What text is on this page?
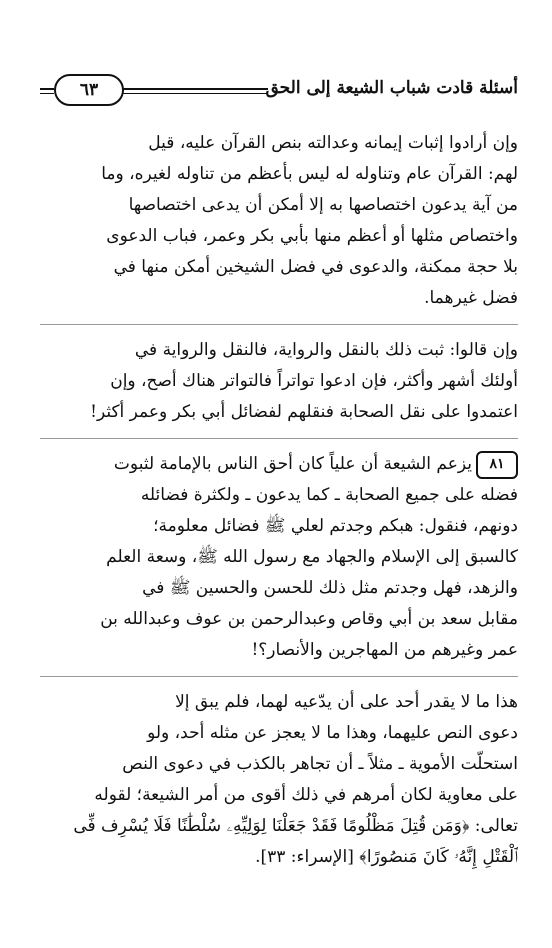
أسئلة قادت شباب الشيعة إلى الحق
٦٣
وإن أرادوا إثبات إيمانه وعدالته بنص القرآن عليه، قيل
لهم: القرآن عام وتناوله له ليس بأعظم من تناوله لغيره، وما
من آية يدعون اختصاصها به إلا أمكن أن يدعى اختصاصها
واختصاص مثلها أو أعظم منها بأبي بكر وعمر، فباب الدعوى
بلا حجة ممكنة، والدعوى في فضل الشيخين أمكن منها في
فضل غيرهما.
وإن قالوا: ثبت ذلك بالنقل والرواية، فالنقل والرواية في
أولئك أشهر وأكثر، فإن ادعوا تواتراً فالتواتر هناك أصح، وإن
اعتمدوا على نقل الصحابة فنقلهم لفضائل أبي بكر وعمر أكثر!
٨١يزعم الشيعة أن علياً كان أحق الناس بالإمامة لثبوت
فضله على جميع الصحابة ـ كما يدعون ـ ولكثرة فضائله
دونهم، فنقول: هبكم وجدتم لعلي ﷺ فضائل معلومة؛
كالسبق إلى الإسلام والجهاد مع رسول الله ﷺ، وسعة العلم
والزهد، فهل وجدتم مثل ذلك للحسن والحسين ﷺ في
مقابل سعد بن أبي وقاص وعبدالرحمن بن عوف وعبدالله بن
عمر وغيرهم من المهاجرين والأنصار؟!
هذا ما لا يقدر أحد على أن يدّعيه لهما، فلم يبق إلا
دعوى النص عليهما، وهذا ما لا يعجز عن مثله أحد، ولو
استحلّت الأموية ـ مثلاً ـ أن تجاهر بالكذب في دعوى النص
على معاوية لكان أمرهم في ذلك أقوى من أمر الشيعة؛ لقوله
تعالى: ﴿وَمَن قُتِلَ مَظْلُومًا فَقَدْ جَعَلْنَا لِوَلِيِّهِۦ سُلْطَٰنًا فَلَا يُسْرِف فِّى
ٱلْقَتْلِ إِنَّهُۥ كَانَ مَنصُورًا﴾ [الإسراء: ٣٣].
